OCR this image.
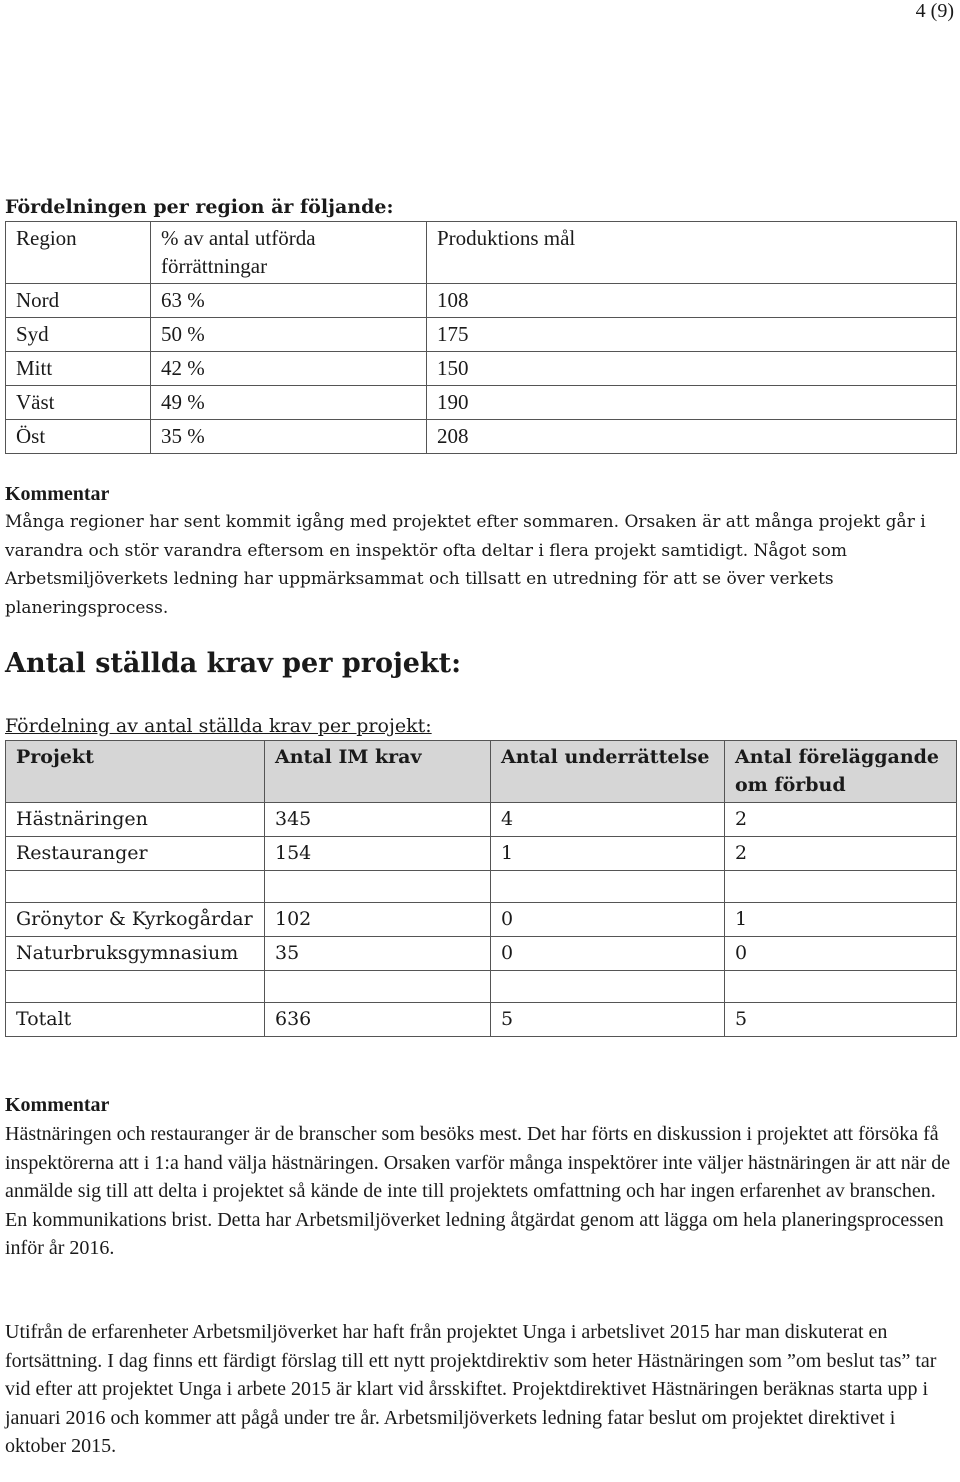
4 (9)
Fördelningen per region är följande:
Region	% av antal utförda förrättningar	Produktions mål
Nord	63 %	108
Syd	50 %	175
Mitt	42 %	150
Väst	49 %	190
Öst	35 %	208
Kommentar

Många regioner har sent kommit igång med projektet efter sommaren. Orsaken är att många projekt går i varandra och stör varandra eftersom en inspektör ofta deltar i flera projekt samtidigt. Något som Arbetsmiljöverkets ledning har uppmärksammat och tillsatt en utredning för att se över verkets planeringsprocess.

Antal ställda krav per projekt:
Fördelning av antal ställda krav per projekt:
Projekt	Antal IM krav	Antal underrättelse	Antal föreläggande om förbud
Hästnäringen	345	4	2
Restauranger	154	1	2

Grönytor & Kyrkogårdar	102	0	1
Naturbruksgymnasium	35	0	0

Totalt	636	5	5
Kommentar

Hästnäringen och restauranger är de branscher som besöks mest. Det har förts en diskussion i projektet att försöka få inspektörerna att i 1:a hand välja hästnäringen. Orsaken varför många inspektörer inte väljer hästnäringen är att när de anmälde sig till att delta i projektet så kände de inte till projektets omfattning och har ingen erfarenhet av branschen. En kommunikations brist. Detta har Arbetsmiljöverket ledning åtgärdat genom att lägga om hela planeringsprocessen inför år 2016.

Utifrån de erfarenheter Arbetsmiljöverket har haft från projektet Unga i arbetslivet 2015 har man diskuterat en fortsättning. I dag finns ett färdigt förslag till ett nytt projektdirektiv som heter Hästnäringen som ”om beslut tas” tar vid efter att projektet Unga i arbete 2015 är klart vid årsskiftet. Projektdirektivet Hästnäringen beräknas starta upp i januari 2016 och kommer att pågå under tre år. Arbetsmiljöverkets ledning fatar beslut om projektet direktivet i oktober 2015.
